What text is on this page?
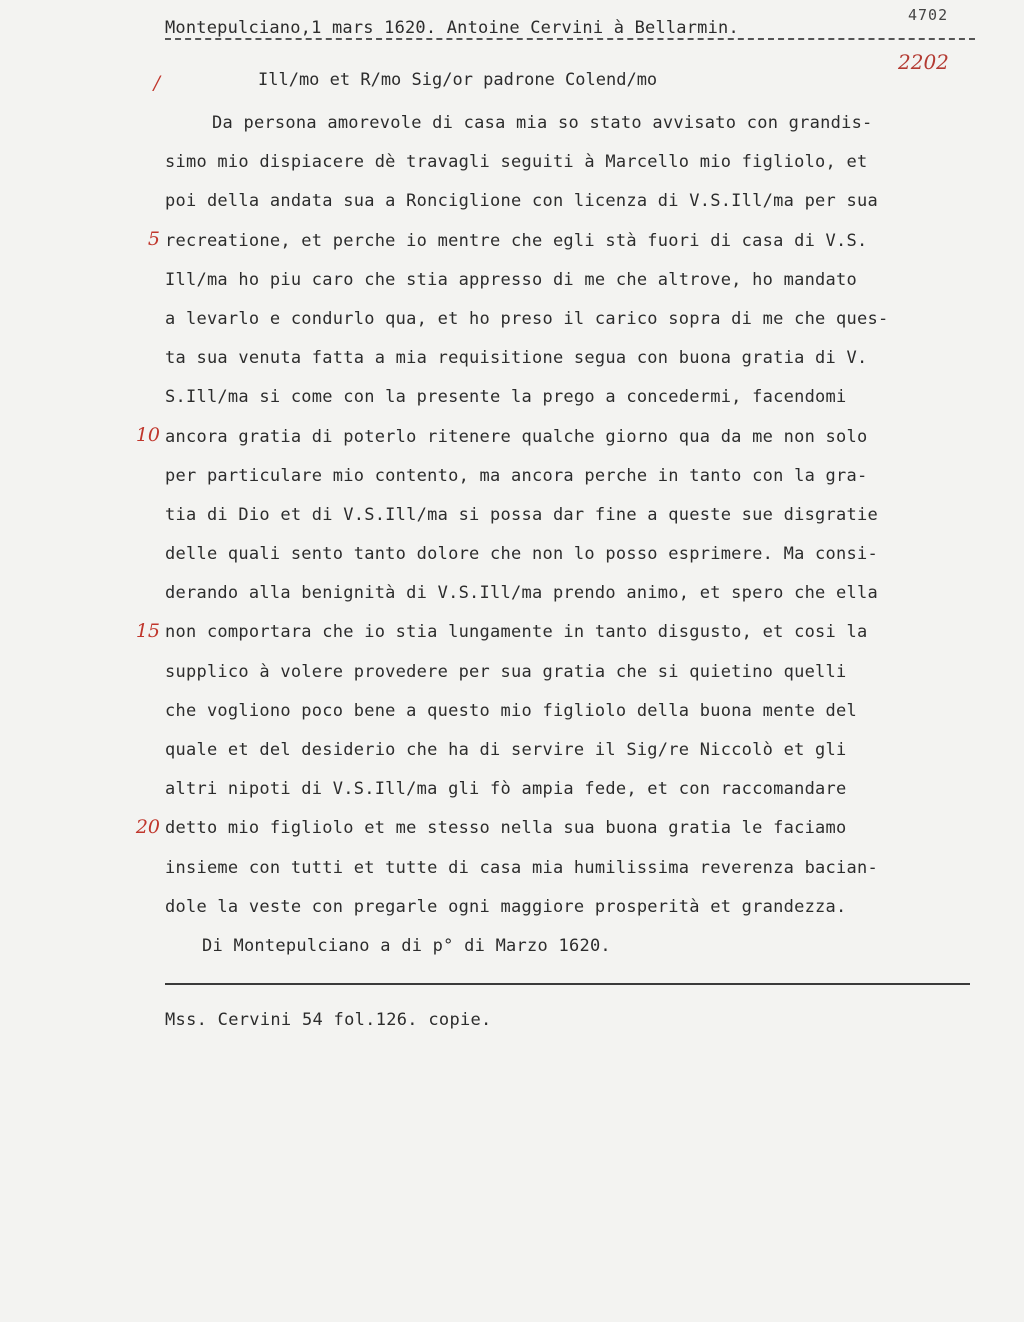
4702
Montepulciano,1 mars 1620. Antoine Cervini à Bellarmin.
2202
/
5
10
15
20
Ill/mo et R/mo Sig/or padrone Colend/mo
Da persona amorevole di casa mia so stato avvisato con grandis-
simo mio dispiacere dè travagli seguiti à Marcello mio figliolo, et
poi della andata sua a Ronciglione con licenza di V.S.Ill/ma per sua
recreatione, et perche io mentre che egli stà fuori di casa di V.S.
Ill/ma ho piu caro che stia appresso di me che altrove, ho mandato
a levarlo e condurlo qua, et ho preso il carico sopra di me che ques-
ta sua venuta fatta a mia requisitione segua con buona gratia di V.
S.Ill/ma si come con la presente la prego a concedermi, facendomi
ancora gratia di poterlo ritenere qualche giorno qua da me non solo
per particulare mio contento, ma ancora perche in tanto con la gra-
tia di Dio et di V.S.Ill/ma si possa dar fine a queste sue disgratie
delle quali sento tanto dolore che non lo posso esprimere. Ma consi-
derando alla benignità di V.S.Ill/ma prendo animo, et spero che ella
non comportara che io stia lungamente in tanto disgusto, et cosi la
supplico à volere provedere per sua gratia che si quietino quelli
che vogliono poco bene a questo mio figliolo della buona mente del
quale et del desiderio che ha di servire il Sig/re Niccolò et gli
altri nipoti di V.S.Ill/ma gli fò ampia fede, et con raccomandare
detto mio figliolo et me stesso nella sua buona gratia le faciamo
insieme con tutti et tutte di casa mia humilissima reverenza bacian-
dole la veste con pregarle ogni maggiore prosperità et grandezza.
Di Montepulciano a di p° di Marzo 1620.
Mss. Cervini 54 fol.126. copie.
